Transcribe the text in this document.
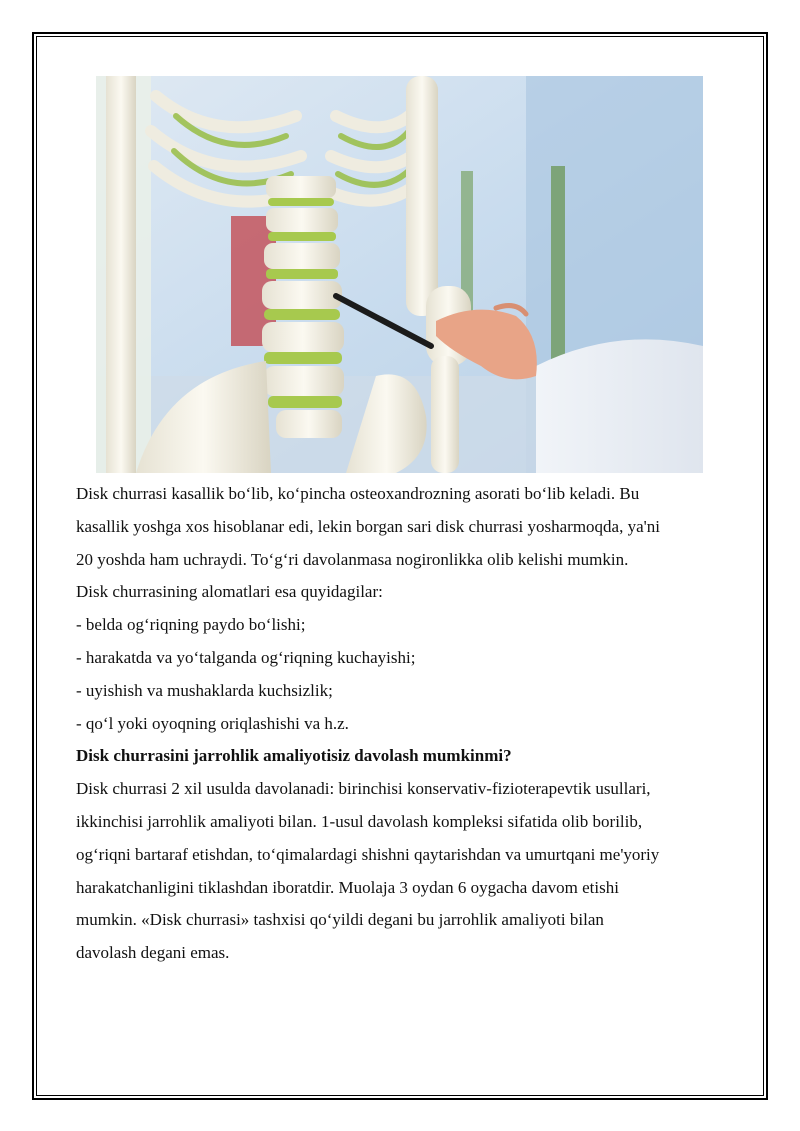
Disk churrasi kasallik bo‘lib, ko‘pincha osteoxandrozning asorati bo‘lib keladi. Bu

kasallik yoshga xos hisoblanar edi, lekin borgan sari disk churrasi yosharmoqda, ya'ni

20 yoshda ham uchraydi. To‘g‘ri davolanmasa nogironlikka olib kelishi mumkin.

Disk churrasining alomatlari esa quyidagilar:

- belda og‘riqning paydo bo‘lishi;

- harakatda va yo‘talganda og‘riqning kuchayishi;

- uyishish va mushaklarda kuchsizlik;

- qo‘l yoki oyoqning oriqlashishi va h.z.

Disk churrasini jarrohlik amaliyotisiz davolash mumkinmi?

Disk churrasi 2 xil usulda davolanadi: birinchisi konservativ-fizioterapevtik usullari,

ikkinchisi jarrohlik amaliyoti bilan. 1-usul davolash kompleksi sifatida olib borilib,

og‘riqni bartaraf etishdan, to‘qimalardagi shishni qaytarishdan va umurtqani me'yoriy

harakatchanligini tiklashdan iboratdir. Muolaja 3 oydan 6 oygacha davom etishi

mumkin. «Disk churrasi» tashxisi qo‘yildi degani bu jarrohlik amaliyoti bilan

davolash degani emas.
